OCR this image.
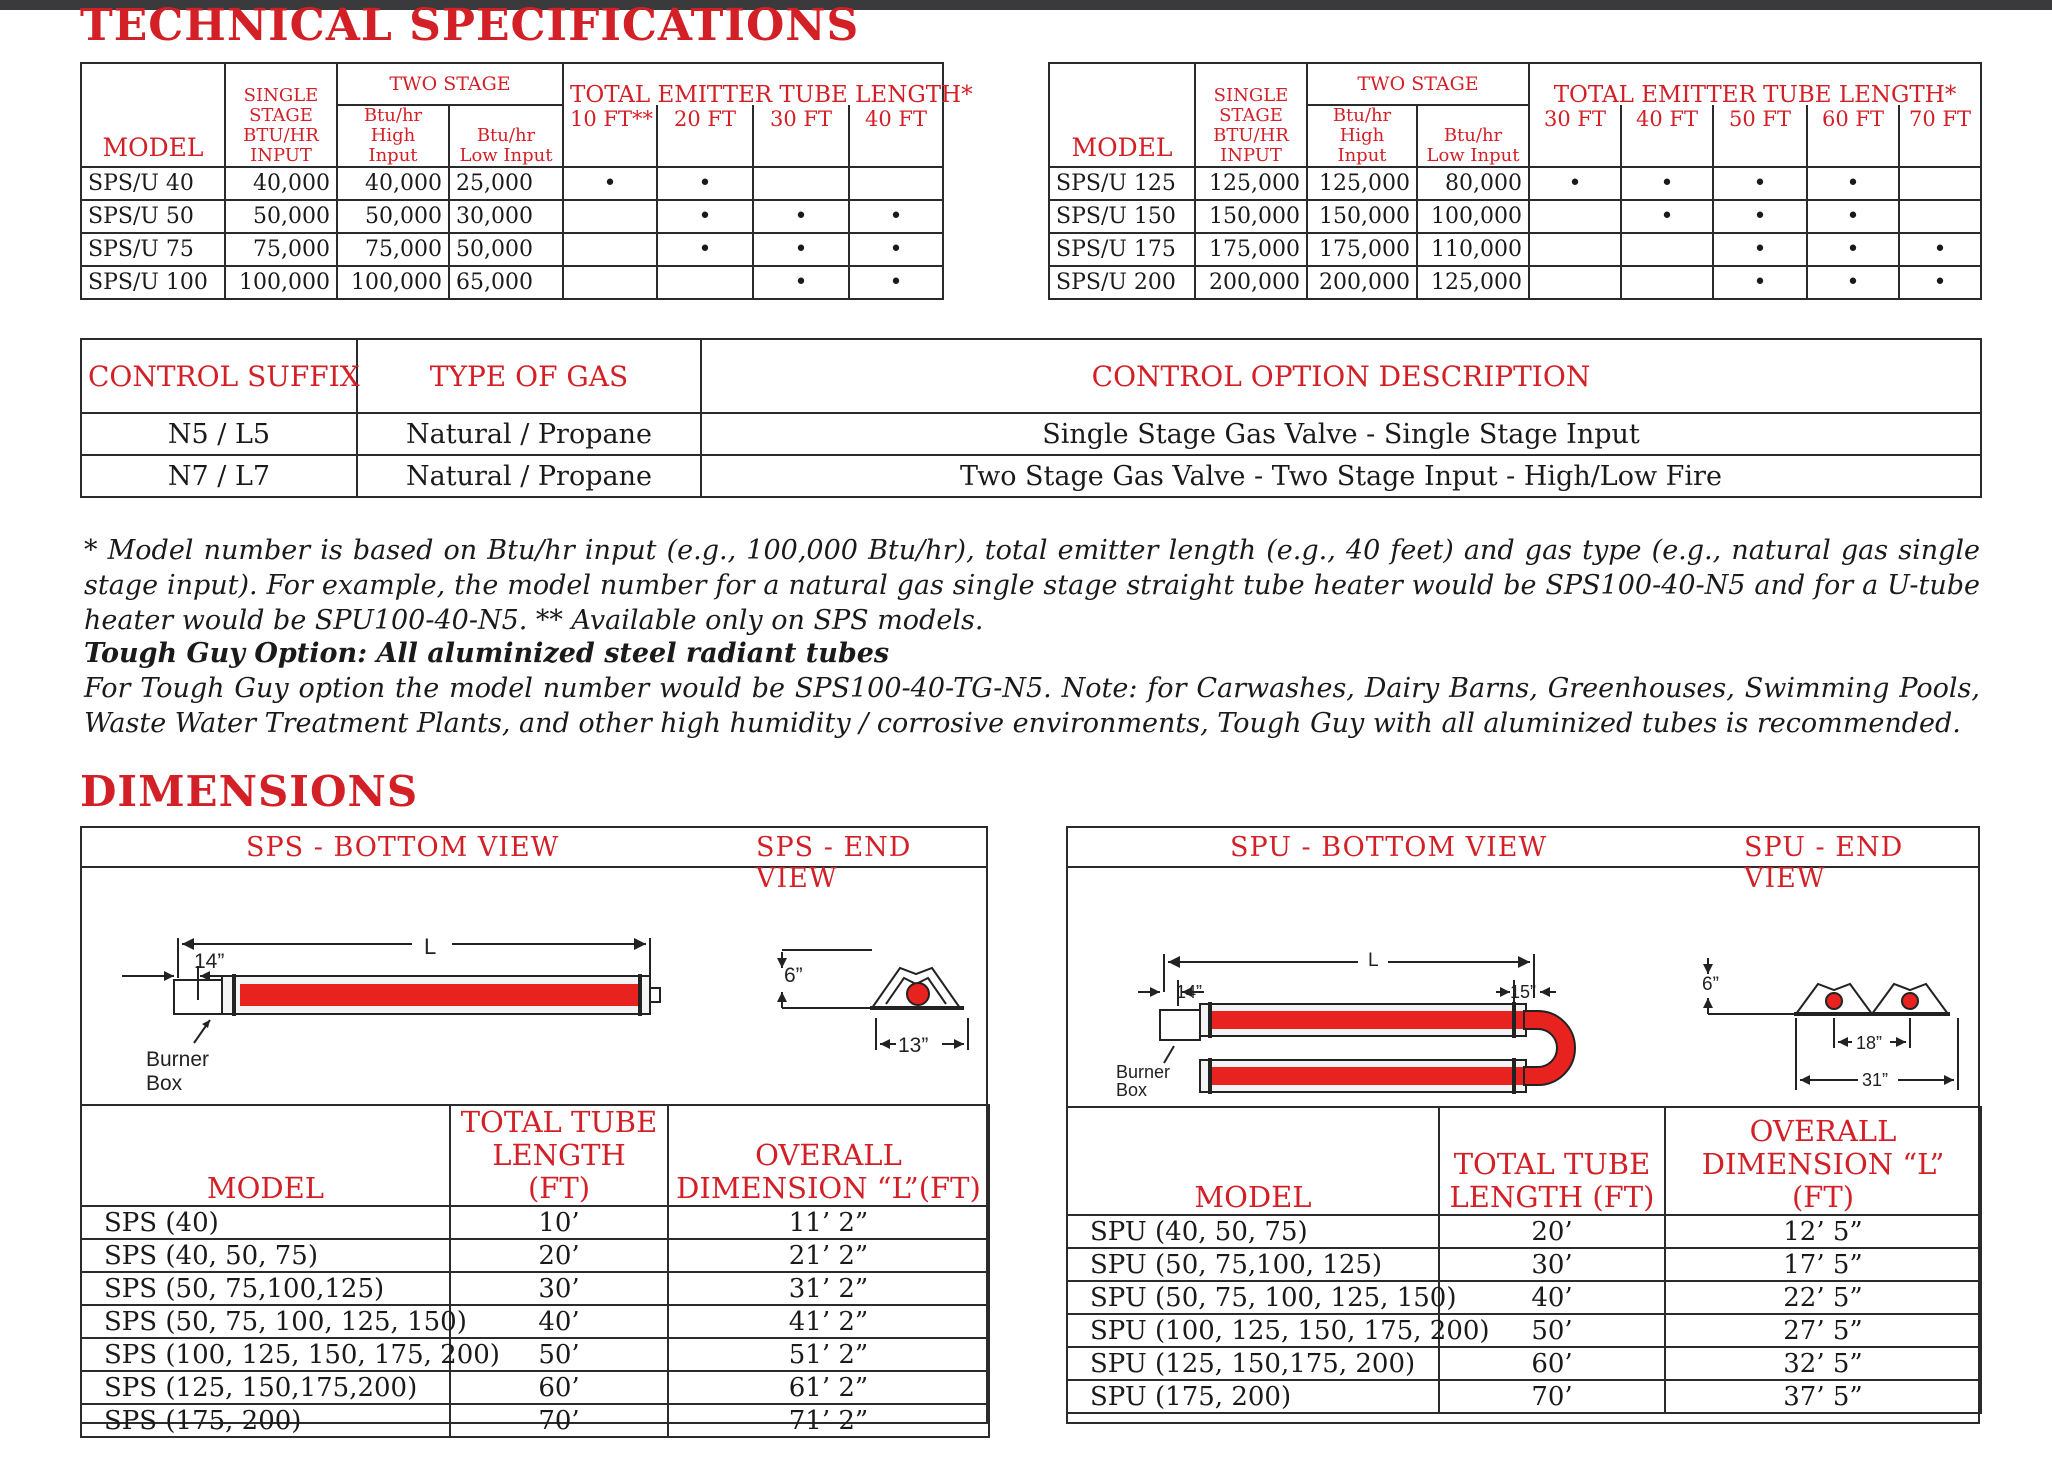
TECHNICAL SPECIFICATIONS
MODEL	SINGLE STAGE BTU/HR INPUT	TWO STAGE		TOTAL EMITTER TUBE LENGTH*			
		Btu/hr High Input	Btu/hr Low Input	10 FT**	20 FT	30 FT	40 FT
SPS/U 40	40,000	40,000	25,000	•	•		
SPS/U 50	50,000	50,000	30,000		•	•	•
SPS/U 75	75,000	75,000	50,000		•	•	•
SPS/U 100	100,000	100,000	65,000			•	•
MODEL	SINGLE STAGE BTU/HR INPUT	TWO STAGE		TOTAL EMITTER TUBE LENGTH*				
		Btu/hr High Input	Btu/hr Low Input	30 FT	40 FT	50 FT	60 FT	70 FT
SPS/U 125	125,000	125,000	80,000	•	•	•	•	
SPS/U 150	150,000	150,000	100,000		•	•	•	
SPS/U 175	175,000	175,000	110,000			•	•	•
SPS/U 200	200,000	200,000	125,000			•	•	•
CONTROL SUFFIX	TYPE OF GAS	CONTROL OPTION DESCRIPTION
N5 / L5	Natural / Propane	Single Stage Gas Valve - Single Stage Input
N7 / L7	Natural / Propane	Two Stage Gas Valve - Two Stage Input - High/Low Fire

* Model number is based on Btu/hr input (e.g., 100,000 Btu/hr), total emitter length (e.g., 40 feet) and gas type (e.g., natural gas single stage input). For example, the model number for a natural gas single stage straight tube heater would be SPS100-40-N5 and for a U-tube heater would be SPU100-40-N5. ** Available only on SPS models.

Tough Guy Option: All aluminized steel radiant tubes

For Tough Guy option the model number would be SPS100-40-TG-N5. Note: for Carwashes, Dairy Barns, Greenhouses, Swimming Pools, Waste Water Treatment Plants, and other high humidity / corrosive environments, Tough Guy with all aluminized tubes is recommended.

DIMENSIONS
SPS - BOTTOM VIEW	SPS - END VIEW
L
14”
Burner
Box
6”
13”
MODEL	TOTAL TUBE LENGTH (FT)	OVERALL DIMENSION “L”(FT)
SPS (40)	10’	11’ 2”
SPS (40, 50, 75)	20’	21’ 2”
SPS (50, 75,100,125)	30’	31’ 2”
SPS (50, 75, 100, 125, 150)	40’	41’ 2”
SPS (100, 125, 150, 175, 200)	50’	51’ 2”
SPS (125, 150,175,200)	60’	61’ 2”
SPS (175, 200)	70’	71’ 2”
SPU - BOTTOM VIEW	SPU - END VIEW
L
14”	15”
Burner
Box
6”
18”
31”
MODEL	TOTAL TUBE LENGTH (FT)	OVERALL DIMENSION “L” (FT)
SPU (40, 50, 75)	20’	12’ 5”
SPU (50, 75,100, 125)	30’	17’ 5”
SPU (50, 75, 100, 125, 150)	40’	22’ 5”
SPU (100, 125, 150, 175, 200)	50’	27’ 5”
SPU (125, 150,175, 200)	60’	32’ 5”
SPU (175, 200)	70’	37’ 5”
